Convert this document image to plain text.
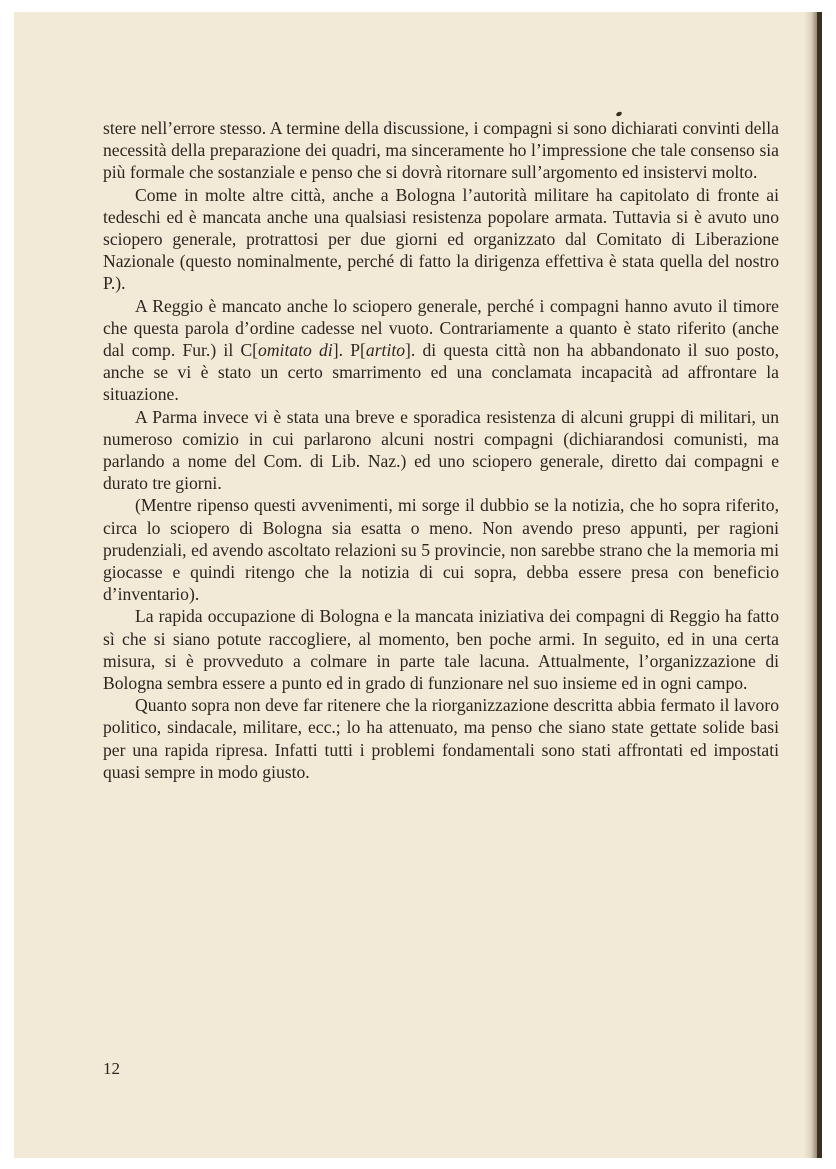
stere nell’errore stesso. A termine della discussione, i compagni si sono dichiarati convinti della necessità della preparazione dei quadri, ma sinceramente ho l’impressione che tale consenso sia più formale che sostanziale e penso che si dovrà ritornare sull’argomento ed insistervi molto.

Come in molte altre città, anche a Bologna l’autorità militare ha capitolato di fronte ai tedeschi ed è mancata anche una qualsiasi resistenza popolare armata. Tuttavia si è avuto uno sciopero generale, protrattosi per due giorni ed organizzato dal Comitato di Liberazione Nazionale (questo nominalmente, perché di fatto la dirigenza effettiva è stata quella del nostro P.).

A Reggio è mancato anche lo sciopero generale, perché i compagni hanno avuto il timore che questa parola d’ordine cadesse nel vuoto. Contrariamente a quanto è stato riferito (anche dal comp. Fur.) il C[omitato di]. P[artito]. di questa città non ha abbandonato il suo posto, anche se vi è stato un certo smarrimento ed una conclamata incapacità ad affrontare la situazione.

A Parma invece vi è stata una breve e sporadica resistenza di alcuni gruppi di militari, un numeroso comizio in cui parlarono alcuni nostri compagni (dichiarandosi comunisti, ma parlando a nome del Com. di Lib. Naz.) ed uno sciopero generale, diretto dai compagni e durato tre giorni.

(Mentre ripenso questi avvenimenti, mi sorge il dubbio se la notizia, che ho sopra riferito, circa lo sciopero di Bologna sia esatta o meno. Non avendo preso appunti, per ragioni prudenziali, ed avendo ascoltato relazioni su 5 provincie, non sarebbe strano che la memoria mi giocasse e quindi ritengo che la notizia di cui sopra, debba essere presa con beneficio d’inventario).

La rapida occupazione di Bologna e la mancata iniziativa dei compagni di Reggio ha fatto sì che si siano potute raccogliere, al momento, ben poche armi. In seguito, ed in una certa misura, si è provveduto a colmare in parte tale lacuna. Attualmente, l’organizzazione di Bologna sembra essere a punto ed in grado di funzionare nel suo insieme ed in ogni campo.

Quanto sopra non deve far ritenere che la riorganizzazione descritta abbia fermato il lavoro politico, sindacale, militare, ecc.; lo ha attenuato, ma penso che siano state gettate solide basi per una rapida ripresa. Infatti tutti i problemi fondamentali sono stati affrontati ed impostati quasi sempre in modo giusto.

12
